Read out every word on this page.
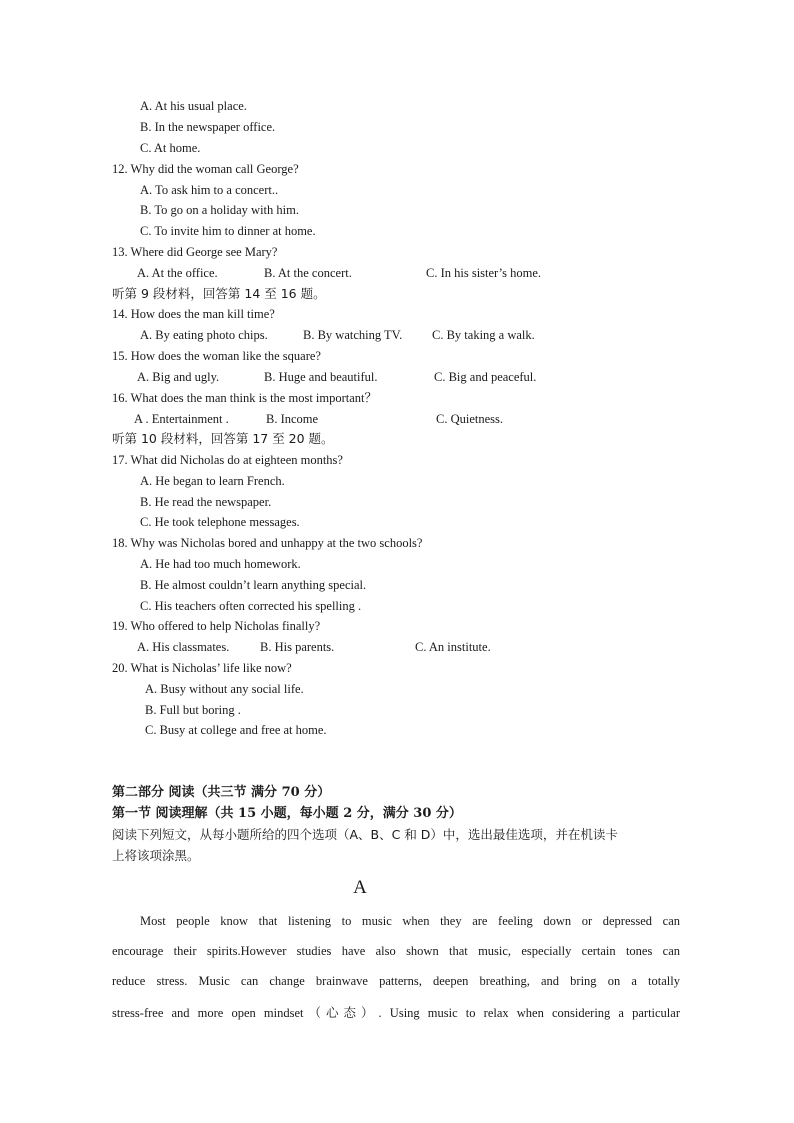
A. At his usual place.
B. In the newspaper office.
C. At home.
12. Why did the woman call George?
A. To ask him to a concert..
B. To go on a holiday with him.
C. To invite him to dinner at home.
13. Where did George see Mary?
A. At the office.	B. At the concert.	C. In his sister’s home.
听第 9 段材料，回答第 14 至 16 题。
14. How does the man kill time?
A. By eating photo chips.	B. By watching TV. C. By taking a walk.
15. How does the woman like the square?
A. Big and ugly.	B. Huge and beautiful.	C. Big and peaceful.
16. What does the man think is the most important？
A . Entertainment .	B. Income	C. Quietness.
听第 10 段材料，回答第 17 至 20 题。
17. What did Nicholas do at eighteen months?
A. He began to learn French.
B. He read the newspaper.
C. He took telephone messages.
18. Why was Nicholas bored and unhappy at the two schools?
A. He had too much homework.
B. He almost couldn’t learn anything special.
C. His teachers often corrected his spelling .
19. Who offered to help Nicholas finally?
A. His classmates. B. His parents.	C. An institute.
20. What is Nicholas’ life like now?
A. Busy without any social life.
B. Full but boring .
C. Busy at college and free at home.
第二部分 阅读（共三节 满分 70 分）
第一节 阅读理解（共 15 小题，每小题 2 分，满分 30 分）
阅读下列短文，从每小题所给的四个选项（A、B、C 和 D）中，选出最佳选项，并在机读卡
上将该项涂黑。
A
Most people know that listening to music when they are feeling down or depressed can
encourage their spirits.However studies have also shown that music, especially certain tones can
reduce stress. Music can change brainwave patterns, deepen breathing, and bring on a totally
stress-free and more open mindset（心态）. Using music to relax when considering a particular
